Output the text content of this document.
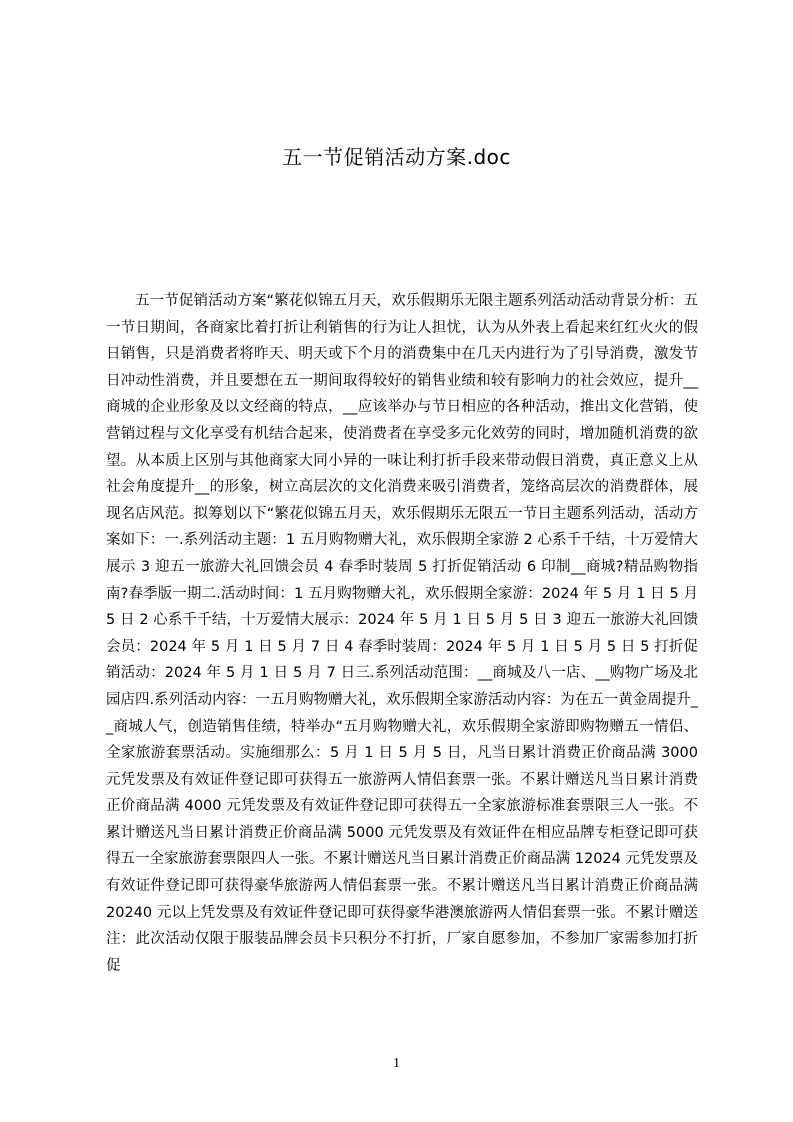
五一节促销活动方案.doc

五一节促销活动方案“繁花似锦五月天，欢乐假期乐无限主题系列活动活动背景分析：五一节日期间，各商家比着打折让利销售的行为让人担忧，认为从外表上看起来红红火火的假日销售，只是消费者将昨天、明天或下个月的消费集中在几天内进行为了引导消费，激发节日冲动性消费，并且要想在五一期间取得较好的销售业绩和较有影响力的社会效应，提升__商城的企业形象及以文经商的特点，__应该举办与节日相应的各种活动，推出文化营销，使营销过程与文化享受有机结合起来，使消费者在享受多元化效劳的同时，增加随机消费的欲望。从本质上区别与其他商家大同小异的一味让利打折手段来带动假日消费，真正意义上从社会角度提升__的形象，树立高层次的文化消费来吸引消费者，笼络高层次的消费群体，展现名店风范。拟筹划以下“繁花似锦五月天，欢乐假期乐无限五一节日主题系列活动，活动方案如下：一.系列活动主题：1 五月购物赠大礼，欢乐假期全家游 2 心系千千结，十万爱情大展示 3 迎五一旅游大礼回馈会员 4 春季时装周 5 打折促销活动 6 印制__商城?精品购物指南?春季版一期二.活动时间：1 五月购物赠大礼，欢乐假期全家游：2024 年 5 月 1 日 5 月 5 日 2 心系千千结，十万爱情大展示：2024 年 5 月 1 日 5 月 5 日 3 迎五一旅游大礼回馈会员：2024 年 5 月 1 日 5 月 7 日 4 春季时装周：2024 年 5 月 1 日 5 月 5 日 5 打折促销活动：2024 年 5 月 1 日 5 月 7 日三.系列活动范围：__商城及八一店、__购物广场及北园店四.系列活动内容：一五月购物赠大礼，欢乐假期全家游活动内容：为在五一黄金周提升__商城人气，创造销售佳绩，特举办“五月购物赠大礼，欢乐假期全家游即购物赠五一情侣、全家旅游套票活动。实施细那么：5 月 1 日 5 月 5 日，凡当日累计消费正价商品满 3000 元凭发票及有效证件登记即可获得五一旅游两人情侣套票一张。不累计赠送凡当日累计消费正价商品满 4000 元凭发票及有效证件登记即可获得五一全家旅游标准套票限三人一张。不累计赠送凡当日累计消费正价商品满 5000 元凭发票及有效证件在相应品牌专柜登记即可获得五一全家旅游套票限四人一张。不累计赠送凡当日累计消费正价商品满 12024 元凭发票及有效证件登记即可获得豪华旅游两人情侣套票一张。不累计赠送凡当日累计消费正价商品满 20240 元以上凭发票及有效证件登记即可获得豪华港澳旅游两人情侣套票一张。不累计赠送注：此次活动仅限于服装品牌会员卡只积分不打折，厂家自愿参加，不参加厂家需参加打折促

1
